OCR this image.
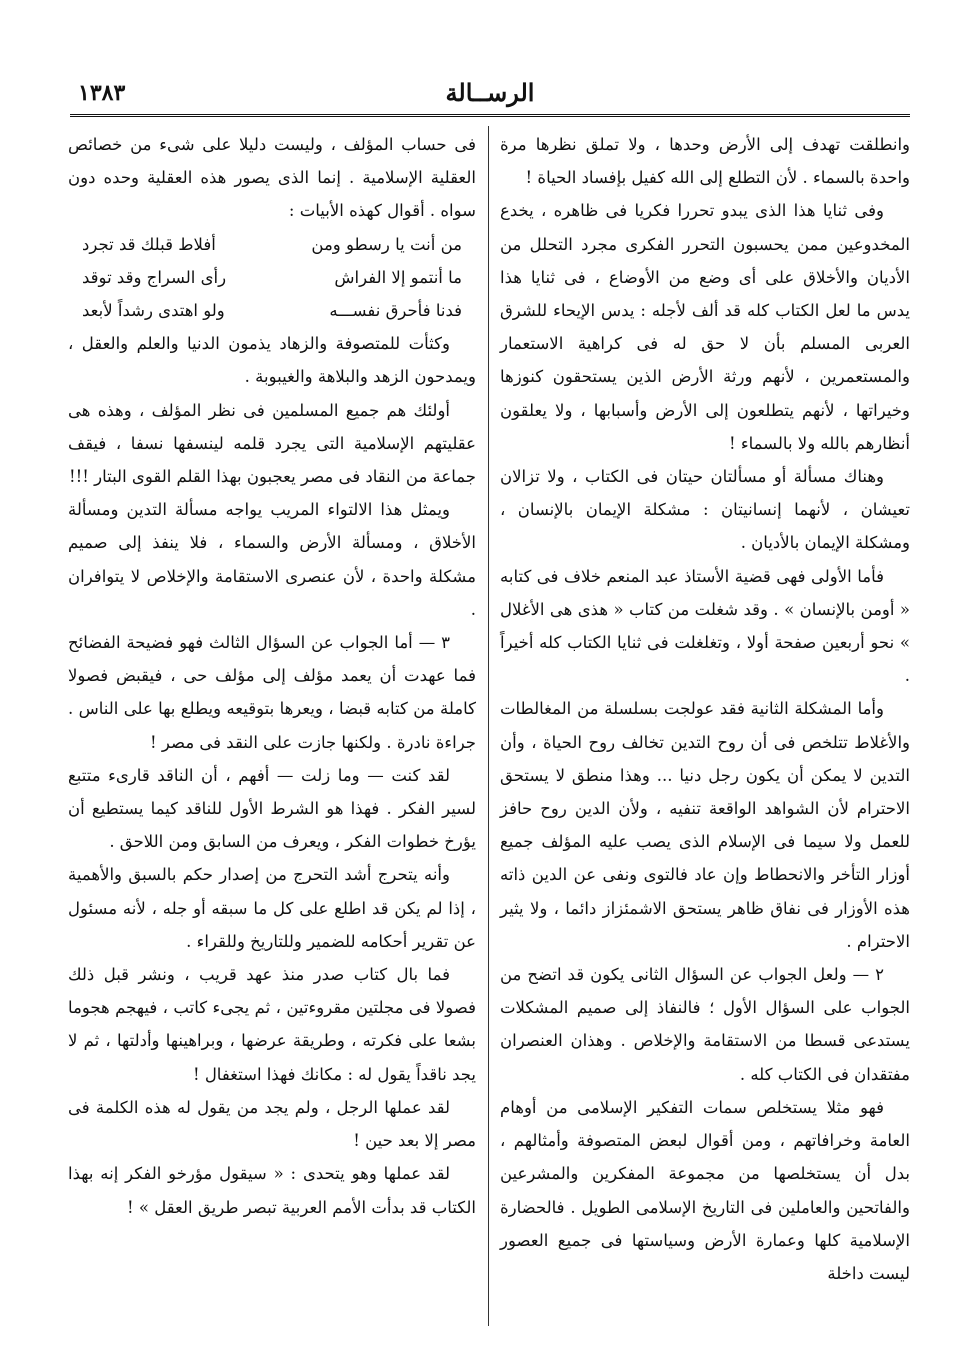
١٣٨٣	الرســالة

وانطلقت تهدف إلى الأرض وحدها ، ولا تملق نظرها مرة واحدة بالسماء . لأن التطلع إلى الله كفيل بإفساد الحياة !

وفى ثنايا هذا الذى يبدو تحررا فكريا فى ظاهره ، يخدع المخدوعين ممن يحسبون التحرر الفكرى مجرد التحلل من الأديان والأخلاق على أى وضع من الأوضاع ، فى ثنايا هذا يدس ما لعل الكتاب كله قد ألف لأجله : يدس الإيحاء للشرق العربى المسلم بأن لا حق له فى كراهية الاستعمار والمستعمرين ، لأنهم ورثة الأرض الذين يستحقون كنوزها وخيراتها ، لأنهم يتطلعون إلى الأرض وأسبابها ، ولا يعلقون أنظارهم بالله ولا بالسماء !

وهناك مسألة أو مسألتان حيتان فى الكتاب ، ولا تزالان تعيشان ، لأنهما إنسانيتان : مشكلة الإيمان بالإنسان ، ومشكلة الإيمان بالأديان .

فأما الأولى فهى قضية الأستاذ عبد المنعم خلاف فى كتابه « أومن بالإنسان » . وقد شغلت من كتاب « هذى هى الأغلال » نحو أربعين صفحة أولا ، وتغلغلت فى ثنايا الكتاب كله أخيراً .

وأما المشكلة الثانية فقد عولجت بسلسلة من المغالطات والأغلاط تتلخص فى أن روح التدين تخالف روح الحياة ، وأن التدين لا يمكن أن يكون رجل دنيا ... وهذا منطق لا يستحق الاحترام لأن الشواهد الواقعة تنفيه ، ولأن الدين روح حافز للعمل ولا سيما فى الإسلام الذى يصب عليه المؤلف جميع أوزار التأخر والانحطاط وإن عاد فالتوى ونفى عن الدين ذاته هذه الأوزار فى نفاق ظاهر يستحق الاشمئزاز دائما ، ولا يثير الاحترام .

٢ — ولعل الجواب عن السؤال الثانى يكون قد اتضح من الجواب على السؤال الأول ؛ فالنفاذ إلى صميم المشكلات يستدعى قسطا من الاستقامة والإخلاص . وهذان العنصران مفتقدان فى الكتاب كله .

فهو مثلا يستخلص سمات التفكير الإسلامى من أوهام العامة وخرافاتهم ، ومن أقوال لبعض المتصوفة وأمثالهم ، بدل أن يستخلصها من مجموعة المفكرين والمشرعين والفاتحين والعاملين فى التاريخ الإسلامى الطويل . فالحضارة الإسلامية كلها وعمارة الأرض وسياستها فى جميع العصور ليست داخلة

فى حساب المؤلف ، وليست دليلا على شىء من خصائص العقلية الإسلامية . إنما الذى يصور هذه العقلية وحده دون سواه . أقوال كهذه الأبيات :

من أنت يا رسطو ومن
أفلاط قبلك قد تجرد
ما أنتمو إلا الفراش
رأى السراج وقد توقد
فدنا فأحرق نفســـه
ولو اهتدى رشداً لأبعد

وكثأت للمتصوفة والزهاد يذمون الدنيا والعلم والعقل ، ويمدحون الزهد والبلاهة والغيبوبة .

أولئك هم جميع المسلمين فى نظر المؤلف ، وهذه هى عقليتهم الإسلامية التى يجرد قلمه لينسفها نسفا ، فيقف جماعة من النقاد فى مصر يعجبون بهذا القلم القوى البتار !!!

ويمثل هذا الالتواء المريب يواجه مسألة التدين ومسألة الأخلاق ، ومسألة الأرض والسماء ، فلا ينفذ إلى صميم مشكلة واحدة ، لأن عنصرى الاستقامة والإخلاص لا يتوافران .

٣ — أما الجواب عن السؤال الثالث فهو فضيحة الفضائح فما عهدت أن يعمد مؤلف إلى مؤلف حى ، فيقبض فصولا كاملة من كتابه قبضا ، ويعرها بتوقيعه ويطلع بها على الناس . جراءة نادرة . ولكنها جازت على النقد فى مصر !

لقد كنت — وما زلت — أفهم ، أن الناقد قارىء متتبع لسير الفكر . فهذا هو الشرط الأول للناقد كيما يستطيع أن يؤرخ خطوات الفكر ، ويعرف من السابق ومن اللاحق .

وأنه يتحرج أشد التحرج من إصدار حكم بالسبق والأهمية ، إذا لم يكن قد اطلع على كل ما سبقه أو جله ، لأنه مسئول عن تقرير أحكامه للضمير وللتاريخ وللقراء .

فما بال كتاب صدر منذ عهد قريب ، ونشر قبل ذلك فصولا فى مجلتين مقروءتين ، ثم يجىء كاتب ، فيهجم هجوما بشعا على فكرته ، وطريقة عرضها ، وبراهينها وأدلتها ، ثم لا يجد ناقداً يقول له : مكانك فهذا استغفال !

لقد عملها الرجل ، ولم يجد من يقول له هذه الكلمة فى مصر إلا بعد حين !

لقد عملها وهو يتحدى : « سيقول مؤرخو الفكر إنه بهذا الكتاب قد بدأت الأمم العربية تبصر طريق العقل » !
